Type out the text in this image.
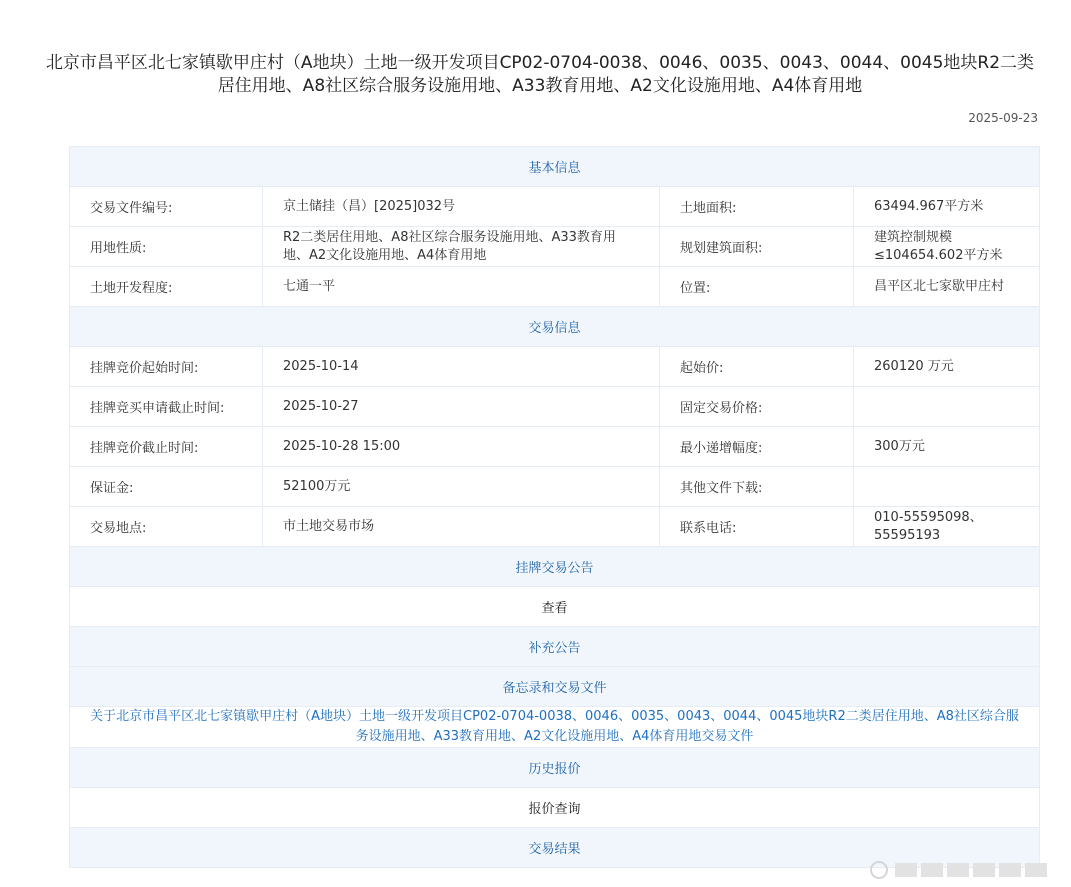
北京市昌平区北七家镇歇甲庄村（A地块）土地一级开发项目CP02-0704-0038、0046、0035、0043、0044、0045地块R2二类居住用地、A8社区综合服务设施用地、A33教育用地、A2文化设施用地、A4体育用地
2025-09-23
基本信息			
交易文件编号:	京土储挂（昌）[2025]032号	土地面积:	63494.967平方米
用地性质:	R2二类居住用地、A8社区综合服务设施用地、A33教育用地、A2文化设施用地、A4体育用地	规划建筑面积:	建筑控制规模≤104654.602平方米
土地开发程度:	七通一平	位置:	昌平区北七家歇甲庄村
交易信息			
挂牌竞价起始时间:	2025-10-14	起始价:	260120 万元
挂牌竞买申请截止时间:	2025-10-27	固定交易价格:	
挂牌竞价截止时间:	2025-10-28 15:00	最小递增幅度:	300万元
保证金:	52100万元	其他文件下载:	
交易地点:	市土地交易市场	联系电话:	010-55595098、55595193
挂牌交易公告			
查看			
补充公告			
备忘录和交易文件			
关于北京市昌平区北七家镇歇甲庄村（A地块）土地一级开发项目CP02-0704-0038、0046、0035、0043、0044、0045地块R2二类居住用地、A8社区综合服务设施用地、A33教育用地、A2文化设施用地、A4体育用地交易文件			
历史报价			
报价查询			
交易结果			
